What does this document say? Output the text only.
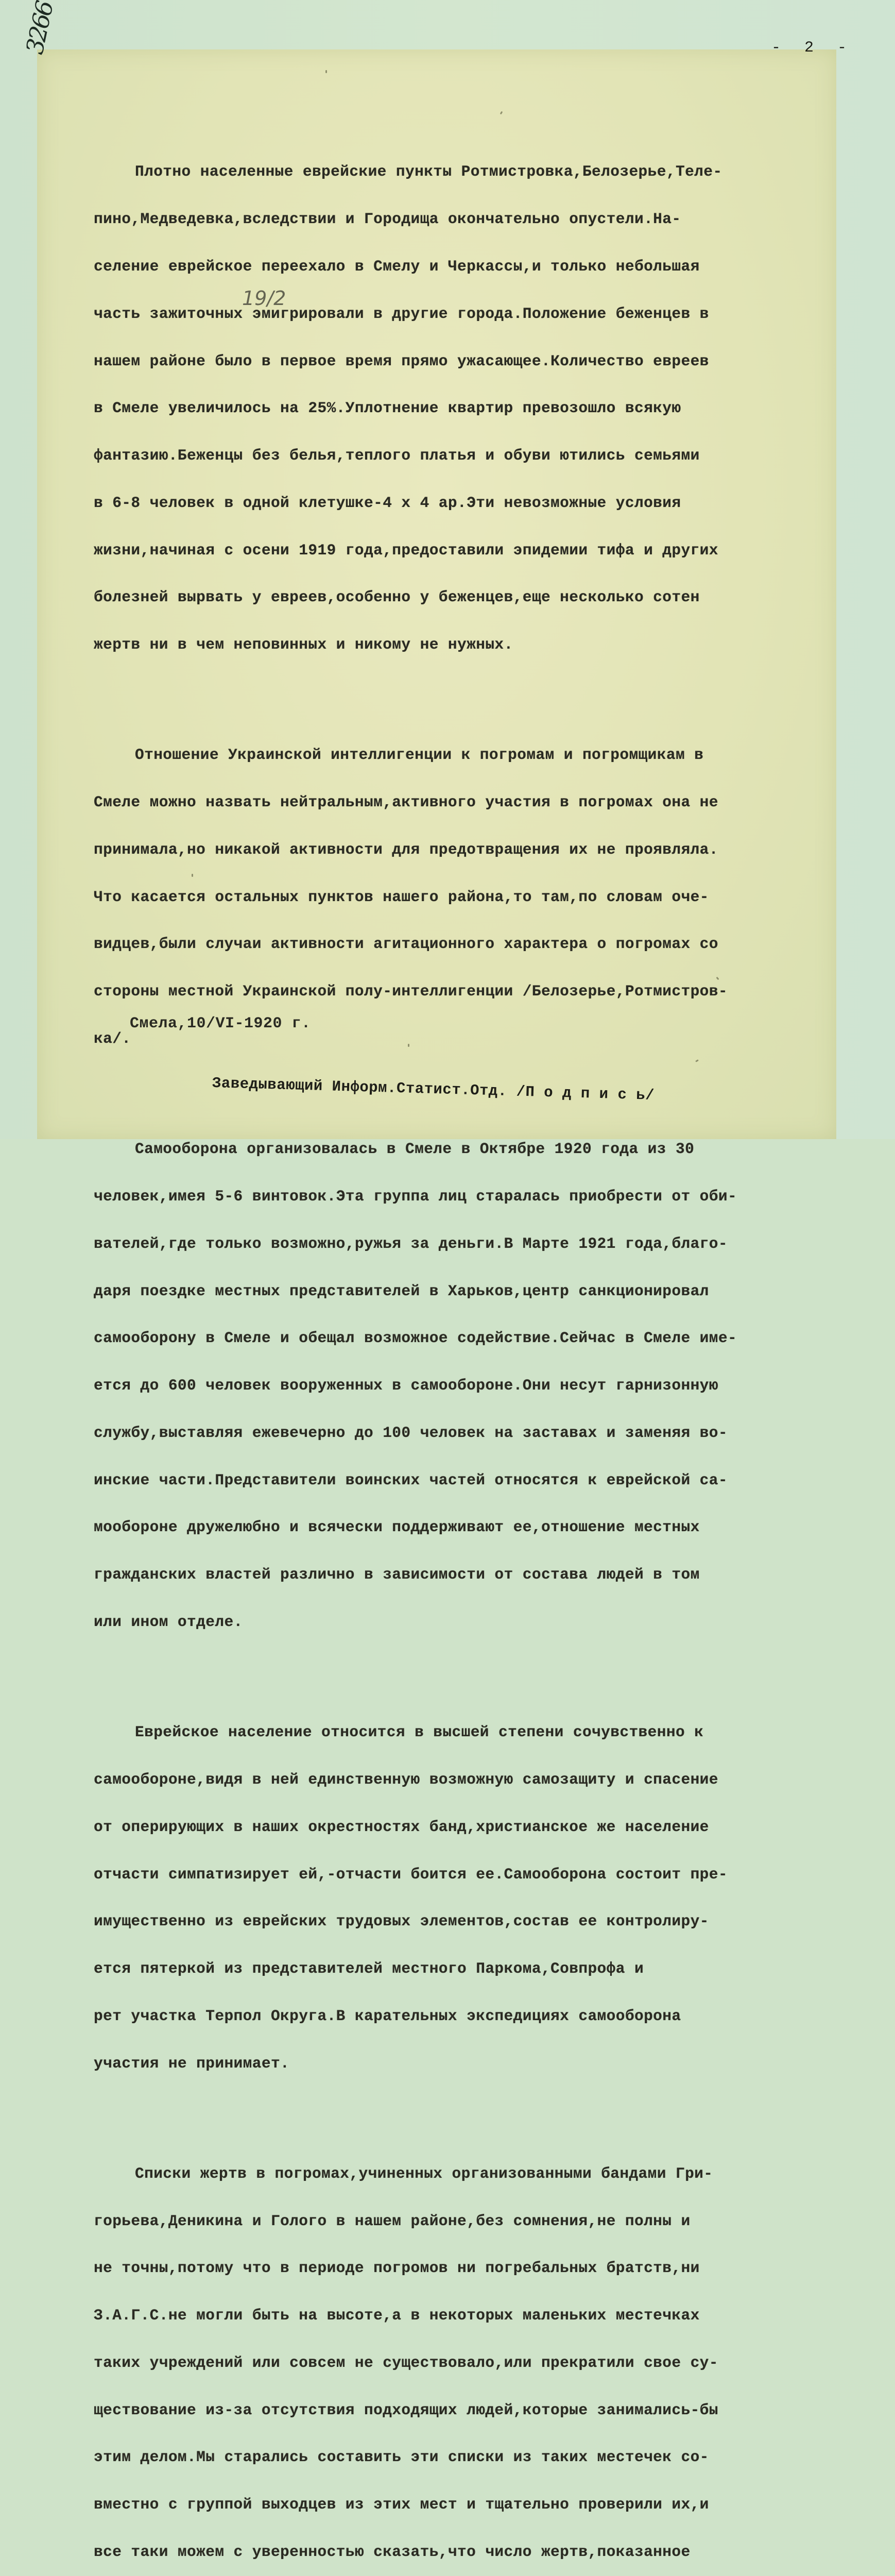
3266	- 2 -

Плотно населенные еврейские пункты Ротмистровка,Белозерье,Теле-

пино,Медведевка,вследствии и Городища окончательно опустели.На-

селение еврейское переехало в Смелу и Черкассы,и только небольшая

часть зажиточных эмигрировали в другие города.Положение беженцев в

нашем районе было в первое время прямо ужасающее.Количество евреев

в Смеле увеличилось на 25%.Уплотнение квартир превозошло всякую

фантазию.Беженцы без белья,теплого платья и обуви ютились семьями

в 6-8 человек в одной клетушке-4 х 4 ар.Эти невозможные условия

жизни,начиная с осени 1919 года,предоставили эпидемии тифа и других

болезней вырвать у евреев,особенно у беженцев,еще несколько сотен

жертв ни в чем неповинных и никому не нужных.

Отношение Украинской интеллигенции к погромам и погромщикам в

Смеле можно назвать нейтральным,активного участия в погромах она не

принимала,но никакой активности для предотвращения их не проявляла.

Что касается остальных пунктов нашего района,то там,по словам оче-

видцев,были случаи активности агитационного характера о погромах со

стороны местной Украинской полу-интеллигенции /Белозерье,Ротмистров-

ка/.

Самооборона организовалась в Смеле в Октябре 1920 года из 30

человек,имея 5-6 винтовок.Эта группа лиц старалась приобрести от оби-

вателей,где только возможно,ружья за деньги.В Марте 1921 года,благо-

даря поездке местных представителей в Харьков,центр санкционировал

самооборону в Смеле и обещал возможное содействие.Сейчас в Смеле име-

ется до 600 человек вооруженных в самообороне.Они несут гарнизонную

службу,выставляя ежевечерно до 100 человек на заставах и заменяя во-

инские части.Представители воинских частей относятся к еврейской са-

мообороне дружелюбно и всячески поддерживают ее,отношение местных

гражданских властей различно в зависимости от состава людей в том

или ином отделе.

Еврейское население относится в высшей степени сочувственно к

самообороне,видя в ней единственную возможную самозащиту и спасение

от оперирующих в наших окрестностях банд,христианское же население

отчасти симпатизирует ей,-отчасти боится ее.Самооборона состоит пре-

имущественно из еврейских трудовых элементов,состав ее контролиру-

ется пятеркой из представителей местного Паркома,Совпрофа и

рет участка Терпол Округа.В карательных экспедициях самооборона

участия не принимает.

Списки жертв в погромах,учиненных организованными бандами Гри-

горьева,Деникина и Голого в нашем районе,без сомнения,не полны и

не точны,потому что в периоде погромов ни погребальных братств,ни

З.А.Г.С.не могли быть на высоте,а в некоторых маленьких местечках

таких учреждений или совсем не существовало,или прекратили свое су-

ществование из-за отсутствия подходящих людей,которые занимались-бы

этим делом.Мы старались составить эти списки из таких местечек со-

вместно с группой выходцев из этих мест и тщательно проверили их,и

все таки можем с уверенностью сказать,что число жертв,показанное

19/2
Смела,10/VI-1920 г.
Заведывающий Информ.Статист.Отд. /П о д п и с ь/
